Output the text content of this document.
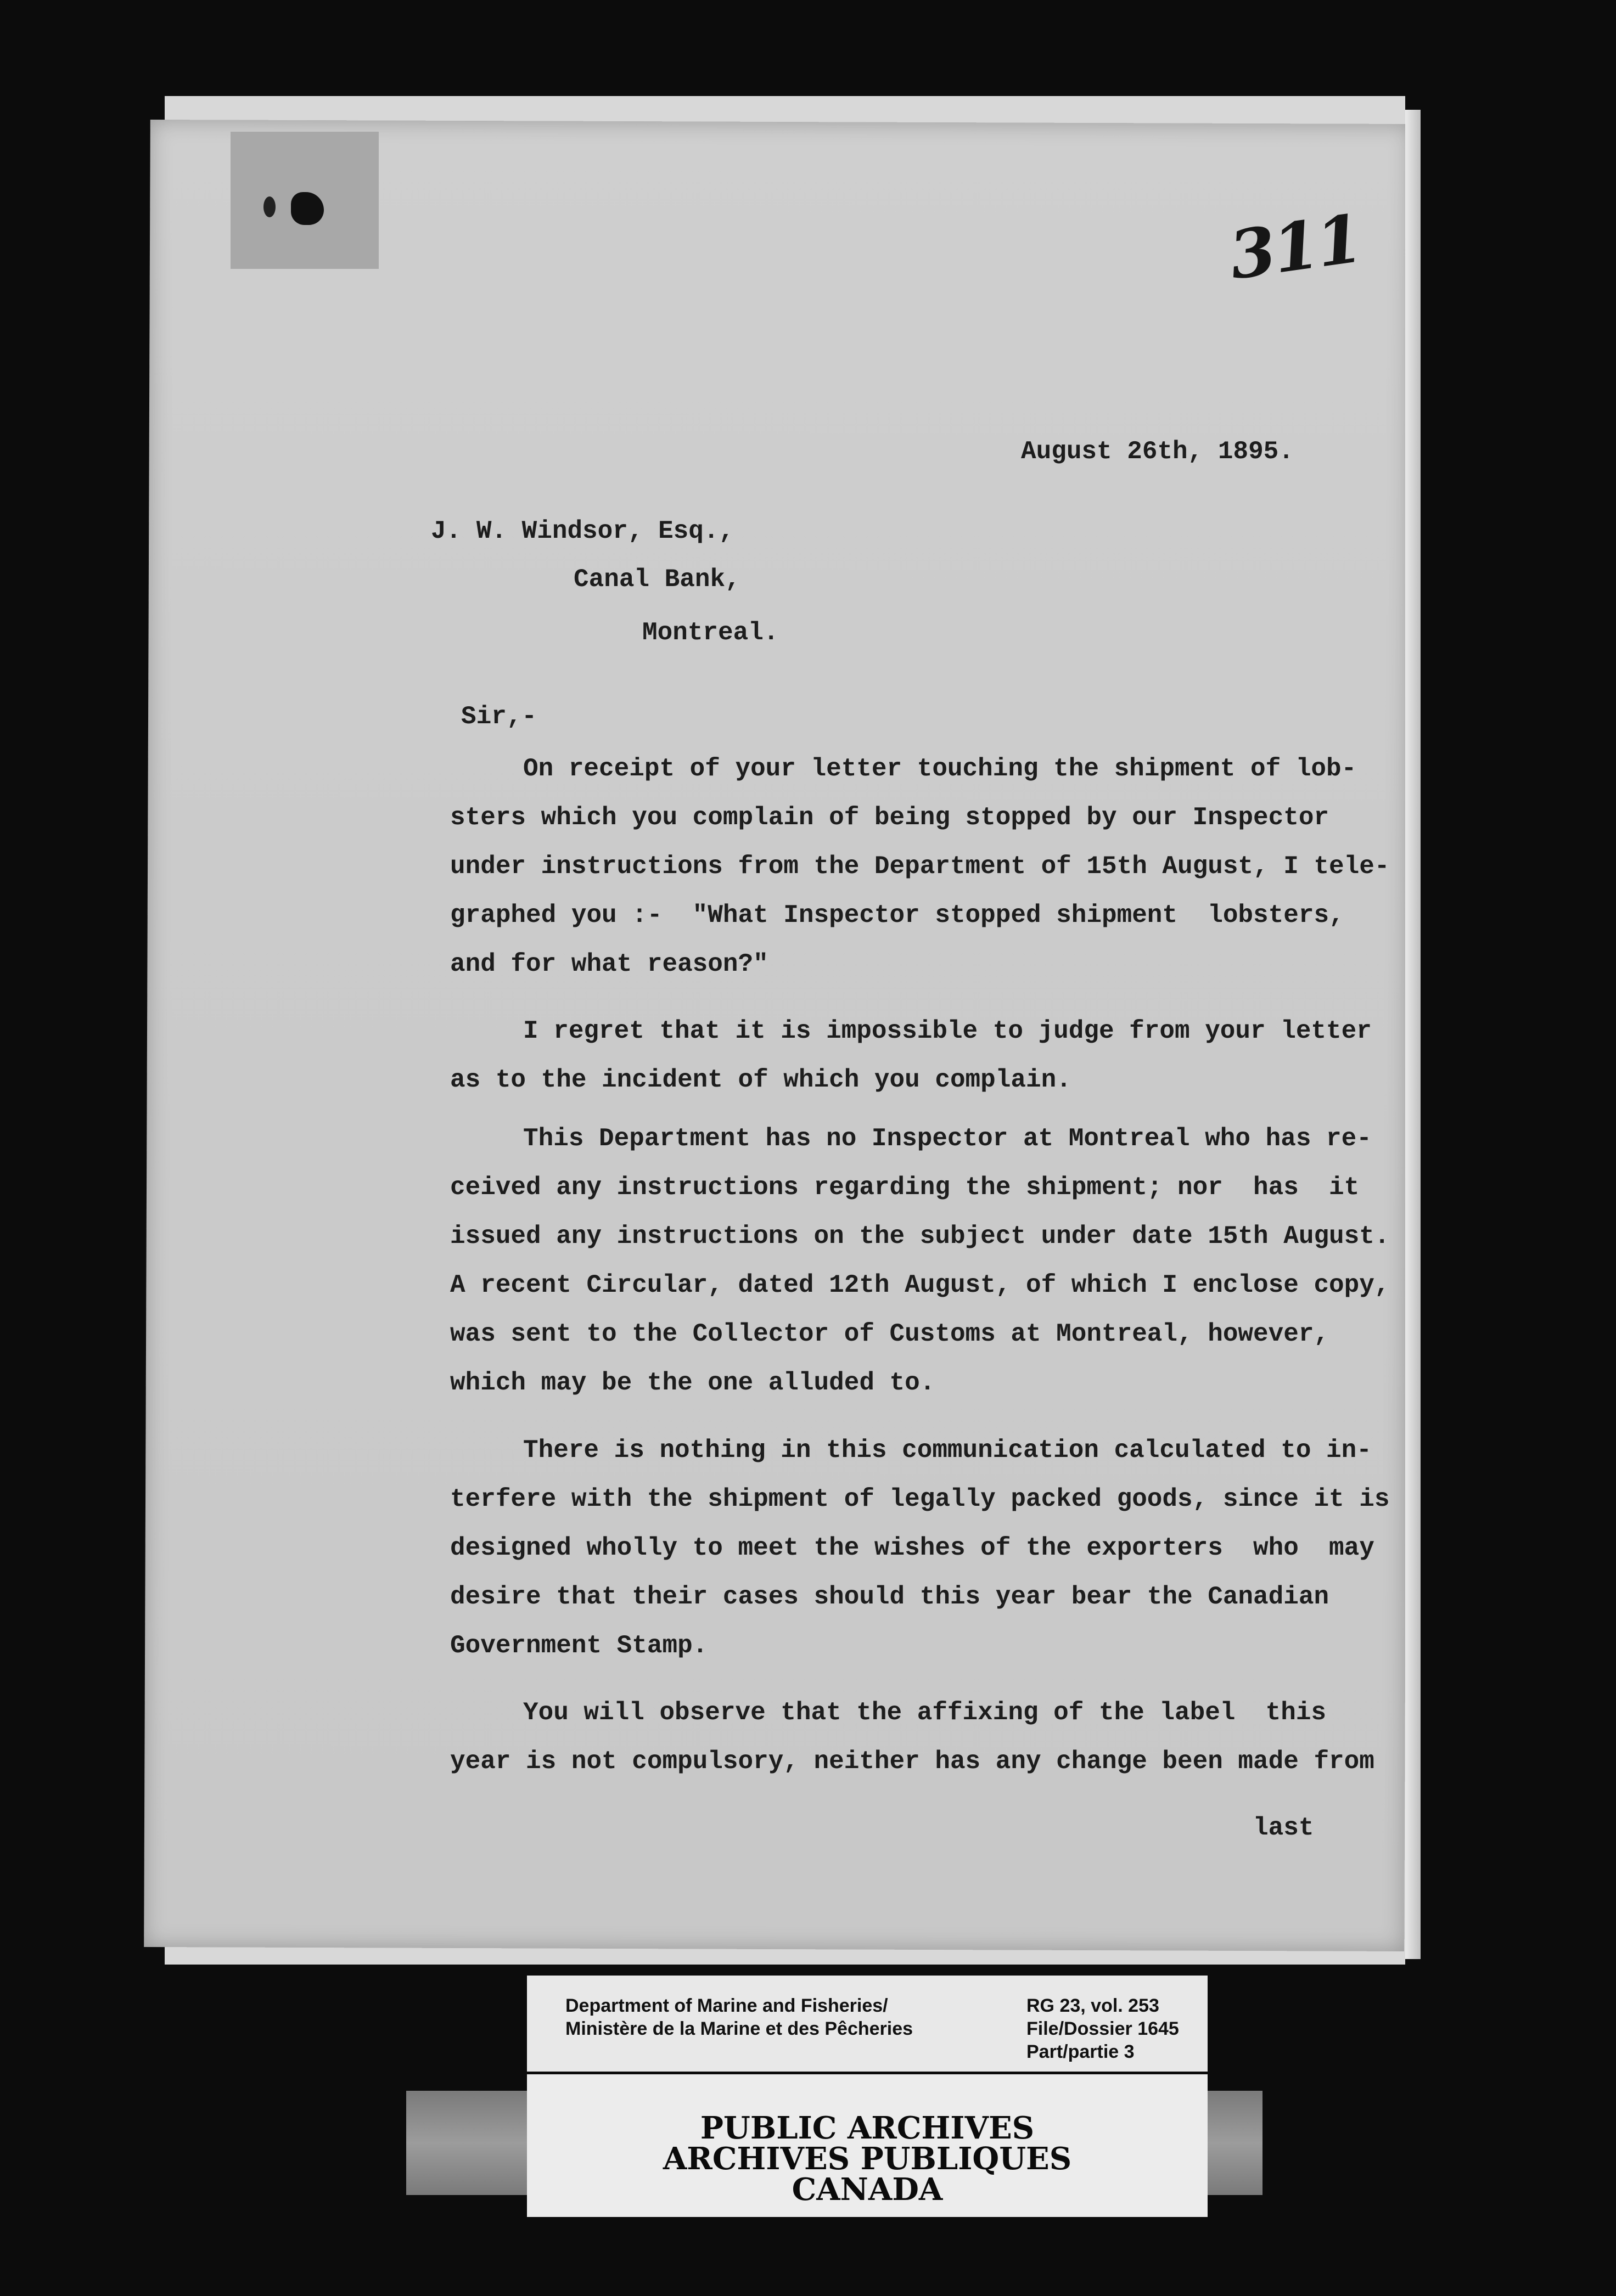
311
August 26th, 1895.
J. W. Windsor, Esq.,
Canal Bank,
Montreal.
Sir,-
On receipt of your letter touching the shipment of lob-
sters which you complain of being stopped by our Inspector
under instructions from the Department of 15th August, I tele-
graphed you :-  "What Inspector stopped shipment  lobsters,
and for what reason?"
I regret that it is impossible to judge from your letter
as to the incident of which you complain.
This Department has no Inspector at Montreal who has re-
ceived any instructions regarding the shipment; nor  has  it
issued any instructions on the subject under date 15th August.
A recent Circular, dated 12th August, of which I enclose copy,
was sent to the Collector of Customs at Montreal, however,
which may be the one alluded to.
There is nothing in this communication calculated to in-
terfere with the shipment of legally packed goods, since it is
designed wholly to meet the wishes of the exporters  who  may
desire that their cases should this year bear the Canadian
Government Stamp.
You will observe that the affixing of the label  this
year is not compulsory, neither has any change been made from
last
Department of Marine and Fisheries/
Ministère de la Marine et des Pêcheries
RG 23, vol. 253
File/Dossier 1645
Part/partie 3
PUBLIC ARCHIVES
ARCHIVES PUBLIQUES
CANADA
